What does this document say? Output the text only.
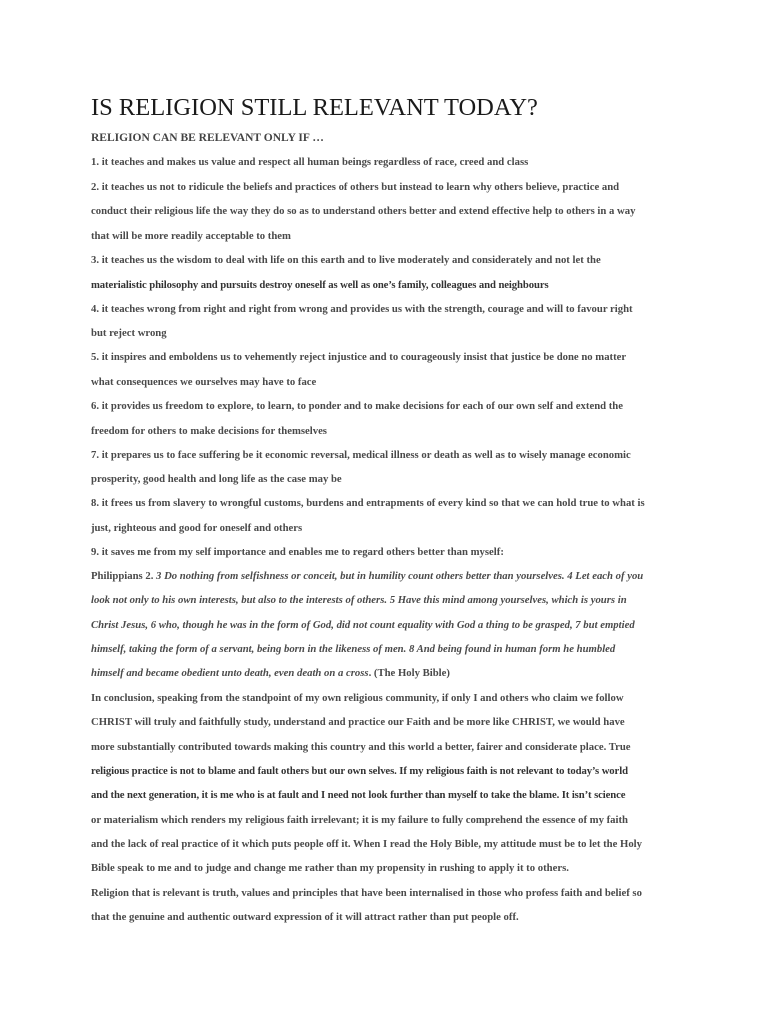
IS RELIGION STILL RELEVANT TODAY?
RELIGION CAN BE RELEVANT ONLY IF …
1. it teaches and makes us value and respect all human beings regardless of race, creed and class
2. it teaches us not to ridicule the beliefs and practices of others but instead to learn why others believe, practice and
conduct their religious life the way they do so as to understand others better and extend effective help to others in a way
that will be more readily acceptable to them
3. it teaches us the wisdom to deal with life on this earth and to live moderately and considerately and not let the
materialistic philosophy and pursuits destroy oneself as well as one’s family, colleagues and neighbours
4. it teaches wrong from right and right from wrong and provides us with the strength, courage and will to favour right
but reject wrong
5. it inspires and emboldens us to vehemently reject injustice and to courageously insist that justice be done no matter
what consequences we ourselves may have to face
6. it provides us freedom to explore, to learn, to ponder and to make decisions for each of our own self and extend the
freedom for others to make decisions for themselves
7. it prepares us to face suffering be it economic reversal, medical illness or death as well as to wisely manage economic
prosperity, good health and long life as the case may be
8. it frees us from slavery to wrongful customs, burdens and entrapments of every kind so that we can hold true to what is
just, righteous and good for oneself and others
9. it saves me from my self importance and enables me to regard others better than myself:
Philippians 2. 3 Do nothing from selfishness or conceit, but in humility count others better than yourselves. 4 Let each of you
look not only to his own interests, but also to the interests of others. 5 Have this mind among yourselves, which is yours in
Christ Jesus, 6 who, though he was in the form of God, did not count equality with God a thing to be grasped, 7 but emptied
himself, taking the form of a servant, being born in the likeness of men. 8 And being found in human form he humbled
himself and became obedient unto death, even death on a cross. (The Holy Bible)
In conclusion, speaking from the standpoint of my own religious community, if only I and others who claim we follow
CHRIST will truly and faithfully study, understand and practice our Faith and be more like CHRIST, we would have
more substantially contributed towards making this country and this world a better, fairer and considerate place. True
religious practice is not to blame and fault others but our own selves. If my religious faith is not relevant to today’s world
and the next generation, it is me who is at fault and I need not look further than myself to take the blame. It isn’t science
or materialism which renders my religious faith irrelevant; it is my failure to fully comprehend the essence of my faith
and the lack of real practice of it which puts people off it. When I read the Holy Bible, my attitude must be to let the Holy
Bible speak to me and to judge and change me rather than my propensity in rushing to apply it to others.
Religion that is relevant is truth, values and principles that have been internalised in those who profess faith and belief so
that the genuine and authentic outward expression of it will attract rather than put people off.
